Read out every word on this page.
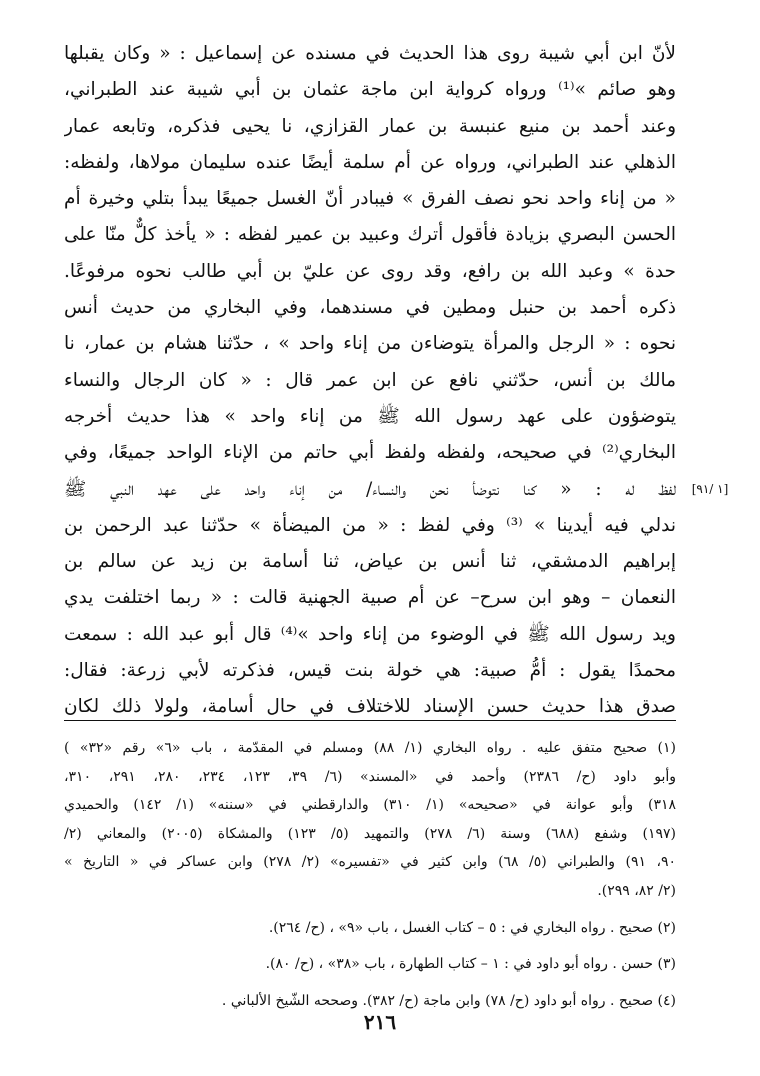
لأنّ ابن أبي شيبة روى هذا الحديث في مسنده عن إسماعيل : « وكان يقبلها
وهو صائم »⁽¹⁾ ورواه كرواية ابن ماجة عثمان بن أبي شيبة عند الطبراني،
وعند أحمد بن منيع عنبسة بن عمار القزازي، نا يحيى فذكره، وتابعه عمار
الذهلي عند الطبراني، ورواه عن أم سلمة أيضًا عنده سليمان مولاها، ولفظه:
« من إناء واحد نحو نصف الفرق » فيبادر أنّ الغسل جميعًا يبدأ بتلي وخيرة أم
الحسن البصري بزيادة فأقول أترك وعبيد بن عمير لفظه : « يأخذ كلٌّ منّا على
حدة » وعبد الله بن رافع، وقد روى عن عليّ بن أبي طالب نحوه مرفوعًا.
ذكره أحمد بن حنبل ومطين في مسندهما، وفي البخاري من حديث أنس
نحوه : « الرجل والمرأة يتوضاءن من إناء واحد » ، حدّثنا هشام بن عمار، نا
مالك بن أنس، حدّثني نافع عن ابن عمر قال : « كان الرجال والنساء
يتوضؤون على عهد رسول الله ﷺ من إناء واحد » هذا حديث أخرجه
البخاري⁽²⁾ في صحيحه، ولفظه ولفظ أبي حاتم من الإناء الواحد جميعًا، وفي
لفظ له : « كنا نتوضأ نحن والنساء/ من إناء واحد على عهد النبي ﷺ
ندلي فيه أيدينا » ⁽³⁾ وفي لفظ : « من الميضأة » حدّثنا عبد الرحمن بن
إبراهيم الدمشقي، ثنا أنس بن عياض، ثنا أسامة بن زيد عن سالم بن
النعمان – وهو ابن سرح– عن أم صبية الجهنية قالت : « ربما اختلفت يدي
ويد رسول الله ﷺ في الوضوء من إناء واحد »⁽⁴⁾ قال أبو عبد الله : سمعت
محمدًا يقول : أمُّ صبية: هي خولة بنت قيس، فذكرته لأبي زرعة: فقال:
صدق هذا حديث حسن الإسناد للاختلاف في حال أسامة، ولولا ذلك لكان
[١ /٩١]
(١) صحيح متفق عليه . رواه البخاري (١/ ٨٨) ومسلم في المقدّمة ، باب «٦» رقم «٣٢» )
وأبو داود (ح/ ٢٣٨٦) وأحمد في «المسند» (٦/ ٣٩، ١٢٣، ٢٣٤، ٢٨٠، ٢٩١، ٣١٠،
٣١٨) وأبو عوانة في «صحيحه» (١/ ٣١٠) والدارقطني في «سننه» (١/ ١٤٢) والحميدي
(١٩٧) وشفع (٦٨٨) وسنة (٦/ ٢٧٨) والتمهيد (٥/ ١٢٣) والمشكاة (٢٠٠٥) والمعاني (٢/
٩٠، ٩١) والطبراني (٥/ ٦٨) وابن كثير في «تفسيره» (٢/ ٢٧٨) وابن عساكر في « التاريخ »
(٢/ ٨٢، ٢٩٩).
(٢) صحيح . رواه البخاري في : ٥ – كتاب الغسل ، باب «٩» ، (ح/ ٢٦٤).
(٣) حسن . رواه أبو داود في : ١ – كتاب الطهارة ، باب «٣٨» ، (ح/ ٨٠).
(٤) صحيح . رواه أبو داود (ح/ ٧٨) وابن ماجة (ح/ ٣٨٢). وصححه الشّيخ الألباني .
٢١٦
